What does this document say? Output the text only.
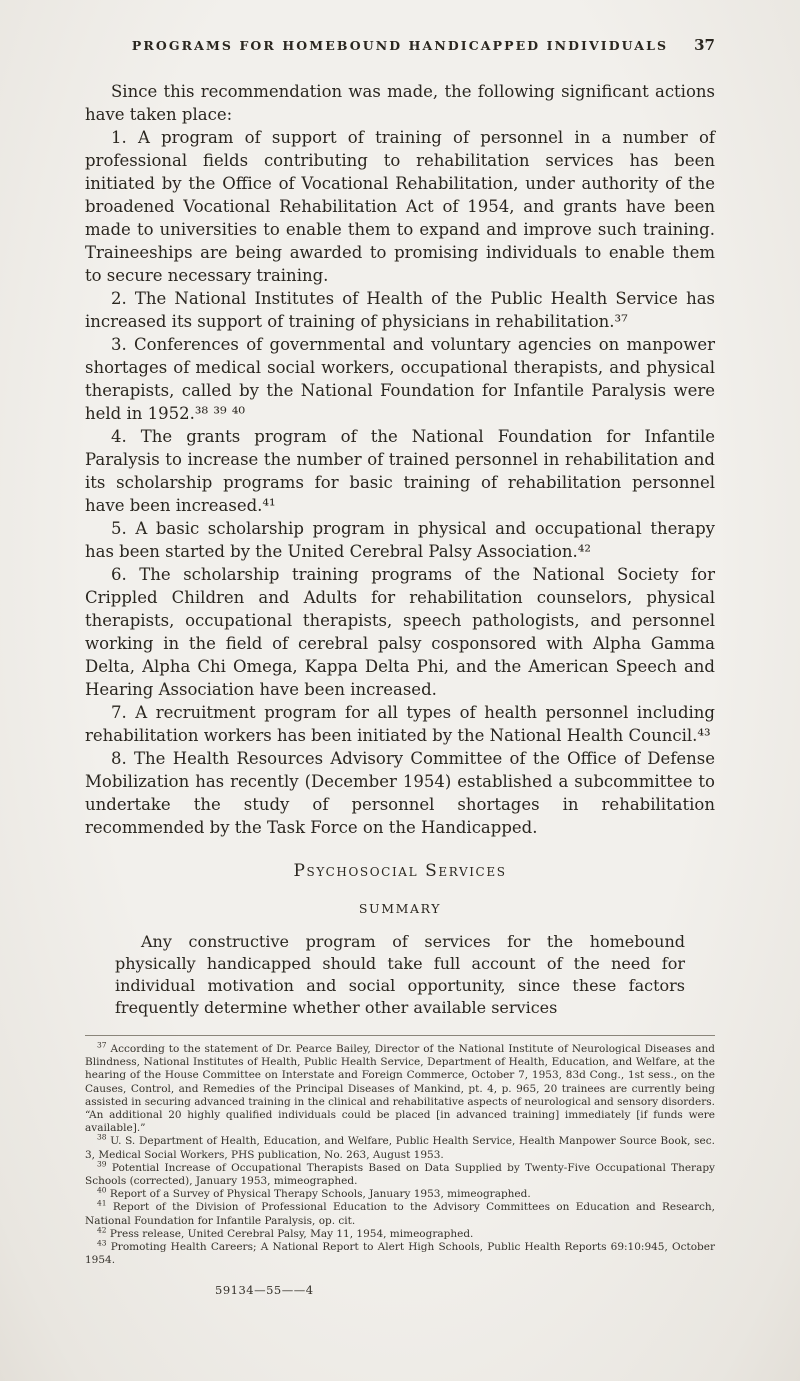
PROGRAMS FOR HOMEBOUND HANDICAPPED INDIVIDUALS	37

Since this recommendation was made, the following significant actions have taken place:

1. A program of support of training of personnel in a number of professional fields contributing to rehabilitation services has been initiated by the Office of Vocational Rehabilitation, under authority of the broadened Vocational Rehabilitation Act of 1954, and grants have been made to universities to enable them to expand and improve such training. Traineeships are being awarded to promising individuals to enable them to secure necessary training.

2. The National Institutes of Health of the Public Health Service has increased its support of training of physicians in rehabilitation.³⁷

3. Conferences of governmental and voluntary agencies on manpower shortages of medical social workers, occupational therapists, and physical therapists, called by the National Foundation for Infantile Paralysis were held in 1952.³⁸ ³⁹ ⁴⁰

4. The grants program of the National Foundation for Infantile Paralysis to increase the number of trained personnel in rehabilitation and its scholarship programs for basic training of rehabilitation personnel have been increased.⁴¹

5. A basic scholarship program in physical and occupational therapy has been started by the United Cerebral Palsy Association.⁴²

6. The scholarship training programs of the National Society for Crippled Children and Adults for rehabilitation counselors, physical therapists, occupational therapists, speech pathologists, and personnel working in the field of cerebral palsy cosponsored with Alpha Gamma Delta, Alpha Chi Omega, Kappa Delta Phi, and the American Speech and Hearing Association have been increased.

7. A recruitment program for all types of health personnel including rehabilitation workers has been initiated by the National Health Council.⁴³

8. The Health Resources Advisory Committee of the Office of Defense Mobilization has recently (December 1954) established a subcommittee to undertake the study of personnel shortages in rehabilitation recommended by the Task Force on the Handicapped.

Psychosocial Services
SUMMARY

Any constructive program of services for the homebound physically handicapped should take full account of the need for individual motivation and social opportunity, since these factors frequently determine whether other available services

$^{37}$ According to the statement of Dr. Pearce Bailey, Director of the National Institute of Neurological Diseases and Blindness, National Institutes of Health, Public Health Service, Department of Health, Education, and Welfare, at the hearing of the House Committee on Interstate and Foreign Commerce, October 7, 1953, 83d Cong., 1st sess., on the Causes, Control, and Remedies of the Principal Diseases of Mankind, pt. 4, p. 965, 20 trainees are currently being assisted in securing advanced training in the clinical and rehabilitative aspects of neurological and sensory disorders. “An additional 20 highly qualified individuals could be placed [in advanced training] immediately [if funds were available].”

$^{38}$ U. S. Department of Health, Education, and Welfare, Public Health Service, Health Manpower Source Book, sec. 3, Medical Social Workers, PHS publication, No. 263, August 1953.

$^{39}$ Potential Increase of Occupational Therapists Based on Data Supplied by Twenty-Five Occupational Therapy Schools (corrected), January 1953, mimeographed.

$^{40}$ Report of a Survey of Physical Therapy Schools, January 1953, mimeographed.

$^{41}$ Report of the Division of Professional Education to the Advisory Committees on Education and Research, National Foundation for Infantile Paralysis, op. cit.

$^{42}$ Press release, United Cerebral Palsy, May 11, 1954, mimeographed.

$^{43}$ Promoting Health Careers; A National Report to Alert High Schools, Public Health Reports 69:10:945, October 1954.

59134—55——4
